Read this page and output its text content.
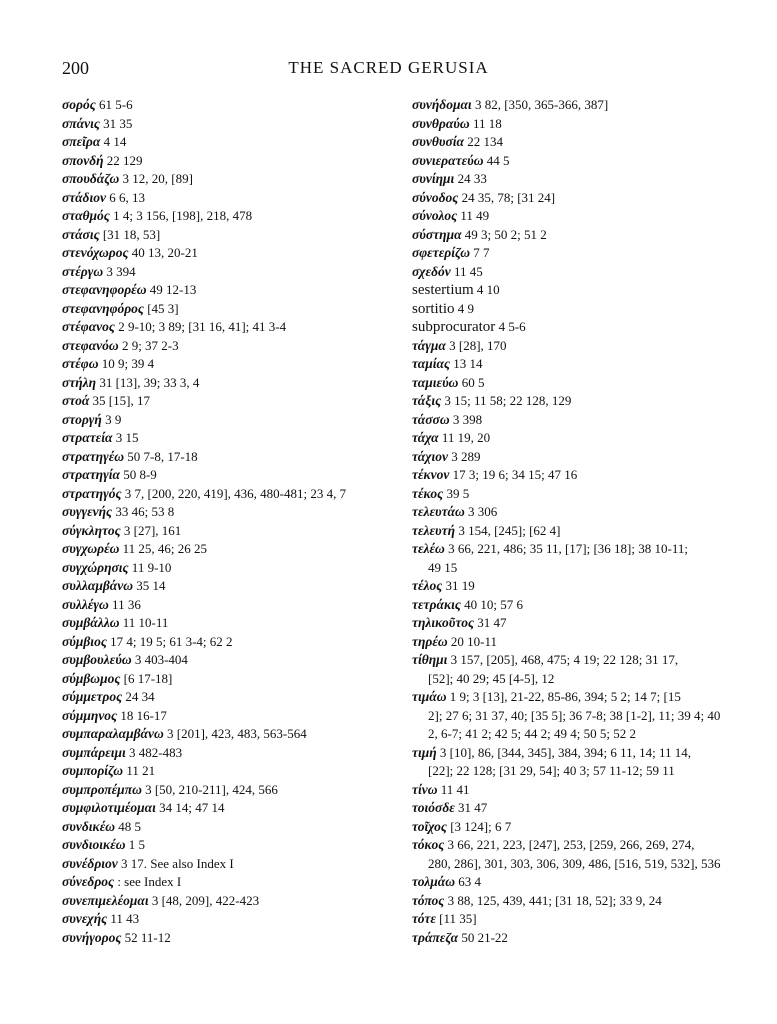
200	THE SACRED GERUSIA
σορός 61 5-6
σπάνις 31 35
σπεῖρα 4 14
σπονδή 22 129
σπουδάζω 3 12, 20, [89]
στάδιον 6 6, 13
σταθμός 1 4; 3 156, [198], 218, 478
στάσις [31 18, 53]
στενόχωρος 40 13, 20-21
στέργω 3 394
στεφανηφορέω 49 12-13
στεφανηφόρος [45 3]
στέφανος 2 9-10; 3 89; [31 16, 41]; 41 3-4
στεφανόω 2 9; 37 2-3
στέφω 10 9; 39 4
στήλη 31 [13], 39; 33 3, 4
στοά 35 [15], 17
στοργή 3 9
στρατεία 3 15
στρατηγέω 50 7-8, 17-18
στρατηγία 50 8-9
στρατηγός 3 7, [200, 220, 419], 436, 480-481; 23 4, 7
συγγενής 33 46; 53 8
σύγκλητος 3 [27], 161
συγχωρέω 11 25, 46; 26 25
συγχώρησις 11 9-10
συλλαμβάνω 35 14
συλλέγω 11 36
συμβάλλω 11 10-11
σύμβιος 17 4; 19 5; 61 3-4; 62 2
συμβουλεύω 3 403-404
σύμβωμος [6 17-18]
σύμμετρος 24 34
σύμμηνος 18 16-17
συμπαραλαμβάνω 3 [201], 423, 483, 563-564
συμπάρειμι 3 482-483
συμπορίζω 11 21
συμπροπέμπω 3 [50, 210-211], 424, 566
συμφιλοτιμέομαι 34 14; 47 14
συνδικέω 48 5
συνδιοικέω 1 5
συνέδριον 3 17. See also Index I
σύνεδρος : see Index I
συνεπιμελέομαι 3 [48, 209], 422-423
συνεχής 11 43
συνήγορος 52 11-12
συνήδομαι 3 82, [350, 365-366, 387]
συνθραύω 11 18
συνθυσία 22 134
συνιερατεύω 44 5
συνίημι 24 33
σύνοδος 24 35, 78; [31 24]
σύνολος 11 49
σύστημα 49 3; 50 2; 51 2
σφετερίζω 7 7
σχεδόν 11 45
sestertium 4 10
sortitio 4 9
subprocurator 4 5-6
τάγμα 3 [28], 170
ταμίας 13 14
ταμιεύω 60 5
τάξις 3 15; 11 58; 22 128, 129
τάσσω 3 398
τάχα 11 19, 20
τάχιον 3 289
τέκνον 17 3; 19 6; 34 15; 47 16
τέκος 39 5
τελευτάω 3 306
τελευτή 3 154, [245]; [62 4]
τελέω 3 66, 221, 486; 35 11, [17]; [36 18]; 38 10-11;
49 15
τέλος 31 19
τετράκις 40 10; 57 6
τηλικοῦτος 31 47
τηρέω 20 10-11
τίθημι 3 157, [205], 468, 475; 4 19; 22 128; 31 17,
[52]; 40 29; 45 [4-5], 12
τιμάω 1 9; 3 [13], 21-22, 85-86, 394; 5 2; 14 7; [15
2]; 27 6; 31 37, 40; [35 5]; 36 7-8; 38 [1-2], 11; 39 4; 40 2, 6-7; 41 2; 42 5; 44 2; 49 4; 50 5; 52 2
τιμή 3 [10], 86, [344, 345], 384, 394; 6 11, 14; 11 14,
[22]; 22 128; [31 29, 54]; 40 3; 57 11-12; 59 11
τίνω 11 41
τοιόσδε 31 47
τοῖχος [3 124]; 6 7
τόκος 3 66, 221, 223, [247], 253, [259, 266, 269, 274,
280, 286], 301, 303, 306, 309, 486, [516, 519, 532], 536
τολμάω 63 4
τόπος 3 88, 125, 439, 441; [31 18, 52]; 33 9, 24
τότε [11 35]
τράπεζα 50 21-22
